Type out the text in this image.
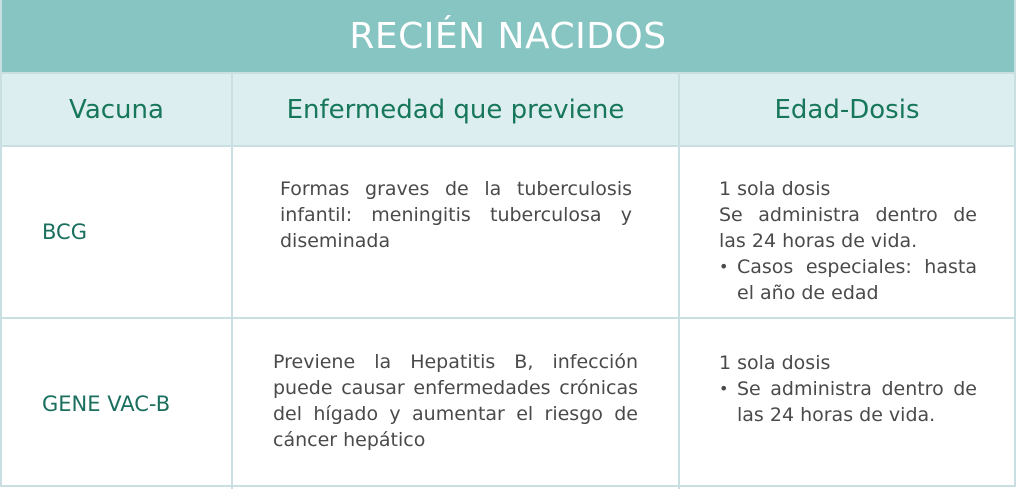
RECIÉN NACIDOS
Vacuna	Enfermedad que previene	Edad-Dosis
BCG
Formas graves de la tuberculosis infantil: meningitis tuberculosa y diseminada
1 sola dosis
Se administra dentro de las 24 horas de vida.
• Casos especiales: hasta el año de edad
GENE VAC-B
Previene la Hepatitis B, infección puede causar enfermedades crónicas del hígado y aumentar el riesgo de cáncer hepático
1 sola dosis
• Se administra dentro de las 24 horas de vida.
